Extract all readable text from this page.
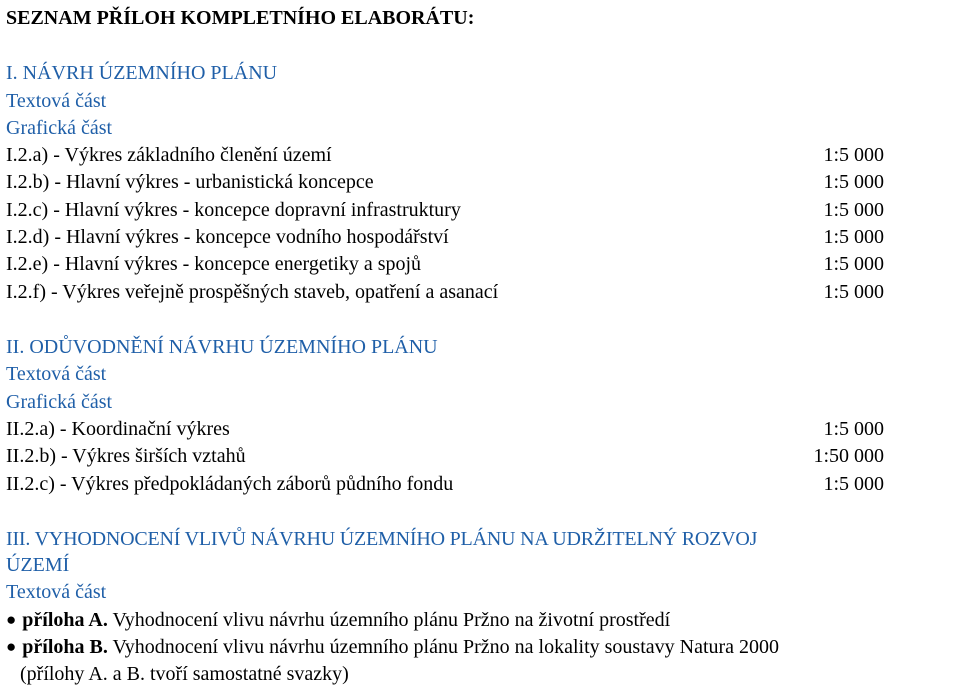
SEZNAM PŘÍLOH KOMPLETNÍHO ELABORÁTU:
I. NÁVRH ÚZEMNÍHO PLÁNU
Textová část
Grafická část
I.2.a) - Výkres základního členění území	1:5 000
I.2.b) - Hlavní výkres - urbanistická koncepce	1:5 000
I.2.c) - Hlavní výkres - koncepce dopravní infrastruktury	1:5 000
I.2.d) - Hlavní výkres - koncepce vodního hospodářství	1:5 000
I.2.e) - Hlavní výkres - koncepce energetiky a spojů	1:5 000
I.2.f) - Výkres veřejně prospěšných staveb, opatření a asanací	1:5 000
II. ODŮVODNĚNÍ NÁVRHU ÚZEMNÍHO PLÁNU
Textová část
Grafická část
II.2.a) - Koordinační výkres	1:5 000
II.2.b) - Výkres širších vztahů	1:50 000
II.2.c) - Výkres předpokládaných záborů půdního fondu	1:5 000
III. VYHODNOCENÍ VLIVŮ NÁVRHU ÚZEMNÍHO PLÁNU NA UDRŽITELNÝ ROZVOJ
ÚZEMÍ
Textová část
● příloha A. Vyhodnocení vlivu návrhu územního plánu Pržno na životní prostředí
● příloha B. Vyhodnocení vlivu návrhu územního plánu Pržno na lokality soustavy Natura 2000
(přílohy A. a B. tvoří samostatné svazky)
